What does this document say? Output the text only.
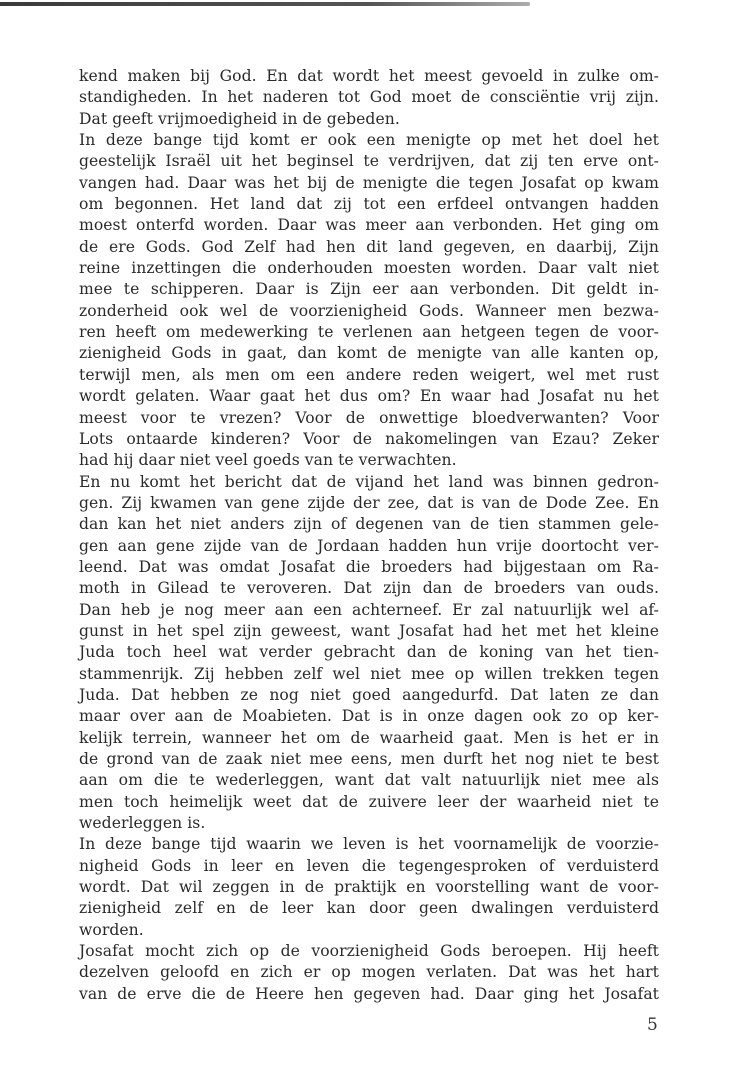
kend maken bij God. En dat wordt het meest gevoeld in zulke om-
standigheden. In het naderen tot God moet de consciëntie vrij zijn.
Dat geeft vrijmoedigheid in de gebeden.
In deze bange tijd komt er ook een menigte op met het doel het
geestelijk Israël uit het beginsel te verdrijven, dat zij ten erve ont-
vangen had. Daar was het bij de menigte die tegen Josafat op kwam
om begonnen. Het land dat zij tot een erfdeel ontvangen hadden
moest onterfd worden. Daar was meer aan verbonden. Het ging om
de ere Gods. God Zelf had hen dit land gegeven, en daarbij, Zijn
reine inzettingen die onderhouden moesten worden. Daar valt niet
mee te schipperen. Daar is Zijn eer aan verbonden. Dit geldt in-
zonderheid ook wel de voorzienigheid Gods. Wanneer men bezwa-
ren heeft om medewerking te verlenen aan hetgeen tegen de voor-
zienigheid Gods in gaat, dan komt de menigte van alle kanten op,
terwijl men, als men om een andere reden weigert, wel met rust
wordt gelaten. Waar gaat het dus om? En waar had Josafat nu het
meest voor te vrezen? Voor de onwettige bloedverwanten? Voor
Lots ontaarde kinderen? Voor de nakomelingen van Ezau? Zeker
had hij daar niet veel goeds van te verwachten.
En nu komt het bericht dat de vijand het land was binnen gedron-
gen. Zij kwamen van gene zijde der zee, dat is van de Dode Zee. En
dan kan het niet anders zijn of degenen van de tien stammen gele-
gen aan gene zijde van de Jordaan hadden hun vrije doortocht ver-
leend. Dat was omdat Josafat die broeders had bijgestaan om Ra-
moth in Gilead te veroveren. Dat zijn dan de broeders van ouds.
Dan heb je nog meer aan een achterneef. Er zal natuurlijk wel af-
gunst in het spel zijn geweest, want Josafat had het met het kleine
Juda toch heel wat verder gebracht dan de koning van het tien-
stammenrijk. Zij hebben zelf wel niet mee op willen trekken tegen
Juda. Dat hebben ze nog niet goed aangedurfd. Dat laten ze dan
maar over aan de Moabieten. Dat is in onze dagen ook zo op ker-
kelijk terrein, wanneer het om de waarheid gaat. Men is het er in
de grond van de zaak niet mee eens, men durft het nog niet te best
aan om die te wederleggen, want dat valt natuurlijk niet mee als
men toch heimelijk weet dat de zuivere leer der waarheid niet te
wederleggen is.
In deze bange tijd waarin we leven is het voornamelijk de voorzie-
nigheid Gods in leer en leven die tegengesproken of verduisterd
wordt. Dat wil zeggen in de praktijk en voorstelling want de voor-
zienigheid zelf en de leer kan door geen dwalingen verduisterd
worden.
Josafat mocht zich op de voorzienigheid Gods beroepen. Hij heeft
dezelven geloofd en zich er op mogen verlaten. Dat was het hart
van de erve die de Heere hen gegeven had. Daar ging het Josafat
5
